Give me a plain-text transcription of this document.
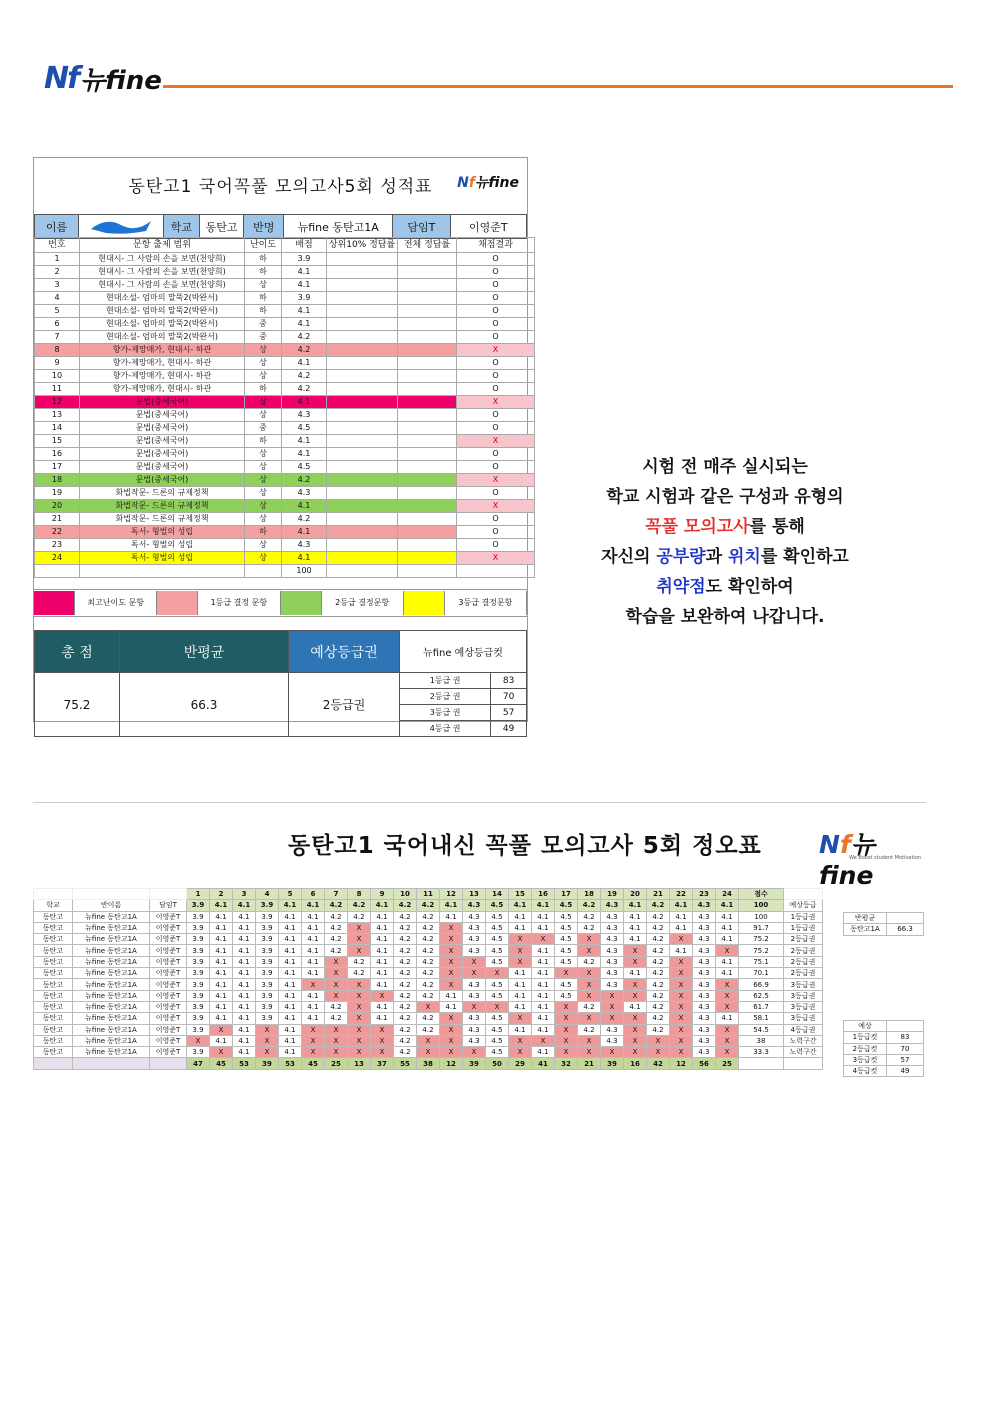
Nf 뉴fine
동탄고1 국어꼭풀 모의고사5회 성적표	Nf뉴fine
이름		학교	동탄고	반명	뉴fine 동탄고1A	담임T	이영준T
번호	문항 출제 범위	난이도	배점	상위10% 정답률	전체 정답률	채점결과
1	현대시- 그 사람의 손을 보면(천양희)	하	3.9			O
2	현대시- 그 사람의 손을 보면(천양희)	하	4.1			O
3	현대시- 그 사람의 손을 보면(천양희)	상	4.1			O
4	현대소설- 엄마의 말뚝2(박완서)	하	3.9			O
5	현대소설- 엄마의 말뚝2(박완서)	하	4.1			O
6	현대소설- 엄마의 말뚝2(박완서)	중	4.1			O
7	현대소설- 엄마의 말뚝2(박완서)	중	4.2			O
8	향가-제망매가, 현대시- 하관	상	4.2			X
9	향가-제망매가, 현대시- 하관	상	4.1			O
10	향가-제망매가, 현대시- 하관	상	4.2			O
11	향가-제망매가, 현대시- 하관	하	4.2			O
12	문법(중세국어)	상	4.1			X
13	문법(중세국어)	상	4.3			O
14	문법(중세국어)	중	4.5			O
15	문법(중세국어)	하	4.1			X
16	문법(중세국어)	상	4.1			O
17	문법(중세국어)	상	4.5			O
18	문법(중세국어)	상	4.2			X
19	화법작문- 드론의 규제정책	상	4.3			O
20	화법작문- 드론의 규제정책	상	4.1			X
21	화법작문- 드론의 규제정책	상	4.2			O
22	독서- 형벌의 성립	하	4.1			O
23	독서- 형벌의 성립	상	4.3			O
24	독서- 형벌의 성립	상	4.1			X
			100			
최고난이도 문항	1등급 결정 문항	2등급 결정문항	3등급 결정문항
총 점	반평균	예상등급권	뉴fine 예상등급컷	
75.2	66.3	2등급권	1등급 권	83
			2등급 권	70
			3등급 권	57
			4등급 권	49
시험 전 매주 실시되는
학교 시험과 같은 구성과 유형의
꼭풀 모의고사를 통해
자신의 공부량과 위치를 확인하고
취약점도 확인하여
학습을 보완하여 나갑니다.
동탄고1 국어내신 꼭풀 모의고사 5회 정오표 Nf뉴fine
We Boost student Motivation
			1	2	3	4	5	6	7	8	9	10	11	12	13	14	15	16	17	18	19	20	21	22	23	24	점수	
학교	반이름	담임T	3.9	4.1	4.1	3.9	4.1	4.1	4.2	4.2	4.1	4.2	4.2	4.1	4.3	4.5	4.1	4.1	4.5	4.2	4.3	4.1	4.2	4.1	4.3	4.1	100	예상등급
동탄고	뉴fine 동탄고1A	이영준T	3.9	4.1	4.1	3.9	4.1	4.1	4.2	4.2	4.1	4.2	4.2	4.1	4.3	4.5	4.1	4.1	4.5	4.2	4.3	4.1	4.2	4.1	4.3	4.1	100	1등급권
동탄고	뉴fine 동탄고1A	이영준T	3.9	4.1	4.1	3.9	4.1	4.1	4.2	X	4.1	4.2	4.2	X	4.3	4.5	4.1	4.1	4.5	4.2	4.3	4.1	4.2	4.1	4.3	4.1	91.7	1등급권
동탄고	뉴fine 동탄고1A	이영준T	3.9	4.1	4.1	3.9	4.1	4.1	4.2	X	4.1	4.2	4.2	X	4.3	4.5	X	X	4.5	X	4.3	4.1	4.2	X	4.3	4.1	75.2	2등급권
동탄고	뉴fine 동탄고1A	이영준T	3.9	4.1	4.1	3.9	4.1	4.1	4.2	X	4.1	4.2	4.2	X	4.3	4.5	X	4.1	4.5	X	4.3	X	4.2	4.1	4.3	X	75.2	2등급권
동탄고	뉴fine 동탄고1A	이영준T	3.9	4.1	4.1	3.9	4.1	4.1	X	4.2	4.1	4.2	4.2	X	X	4.5	X	4.1	4.5	4.2	4.3	X	4.2	X	4.3	4.1	75.1	2등급권
동탄고	뉴fine 동탄고1A	이영준T	3.9	4.1	4.1	3.9	4.1	4.1	X	4.2	4.1	4.2	4.2	X	X	X	4.1	4.1	X	X	4.3	4.1	4.2	X	4.3	4.1	70.1	2등급권
동탄고	뉴fine 동탄고1A	이영준T	3.9	4.1	4.1	3.9	4.1	X	X	X	4.1	4.2	4.2	X	4.3	4.5	4.1	4.1	4.5	X	4.3	X	4.2	X	4.3	X	66.9	3등급권
동탄고	뉴fine 동탄고1A	이영준T	3.9	4.1	4.1	3.9	4.1	4.1	X	X	X	4.2	4.2	4.1	4.3	4.5	4.1	4.1	4.5	X	X	X	4.2	X	4.3	X	62.5	3등급권
동탄고	뉴fine 동탄고1A	이영준T	3.9	4.1	4.1	3.9	4.1	4.1	4.2	X	4.1	4.2	X	4.1	X	X	4.1	4.1	X	4.2	X	4.1	4.2	X	4.3	X	61.7	3등급권
동탄고	뉴fine 동탄고1A	이영준T	3.9	4.1	4.1	3.9	4.1	4.1	4.2	X	4.1	4.2	4.2	X	4.3	4.5	X	4.1	X	X	X	X	4.2	X	4.3	4.1	58.1	3등급권
동탄고	뉴fine 동탄고1A	이영준T	3.9	X	4.1	X	4.1	X	X	X	X	4.2	4.2	X	4.3	4.5	4.1	4.1	X	4.2	4.3	X	4.2	X	4.3	X	54.5	4등급권
동탄고	뉴fine 동탄고1A	이영준T	X	4.1	4.1	X	4.1	X	X	X	X	4.2	X	X	4.3	4.5	X	X	X	X	4.3	X	X	X	4.3	X	38	노력구간
동탄고	뉴fine 동탄고1A	이영준T	3.9	X	4.1	X	4.1	X	X	X	X	4.2	X	X	X	4.5	X	4.1	X	X	X	X	X	X	4.3	X	33.3	노력구간
			47	45	53	39	53	45	25	13	37	55	38	12	39	50	29	41	32	21	39	16	42	12	56	25		
반평균	
동탄고1A	66.3
예상	
1등급컷	83
2등급컷	70
3등급컷	57
4등급컷	49
